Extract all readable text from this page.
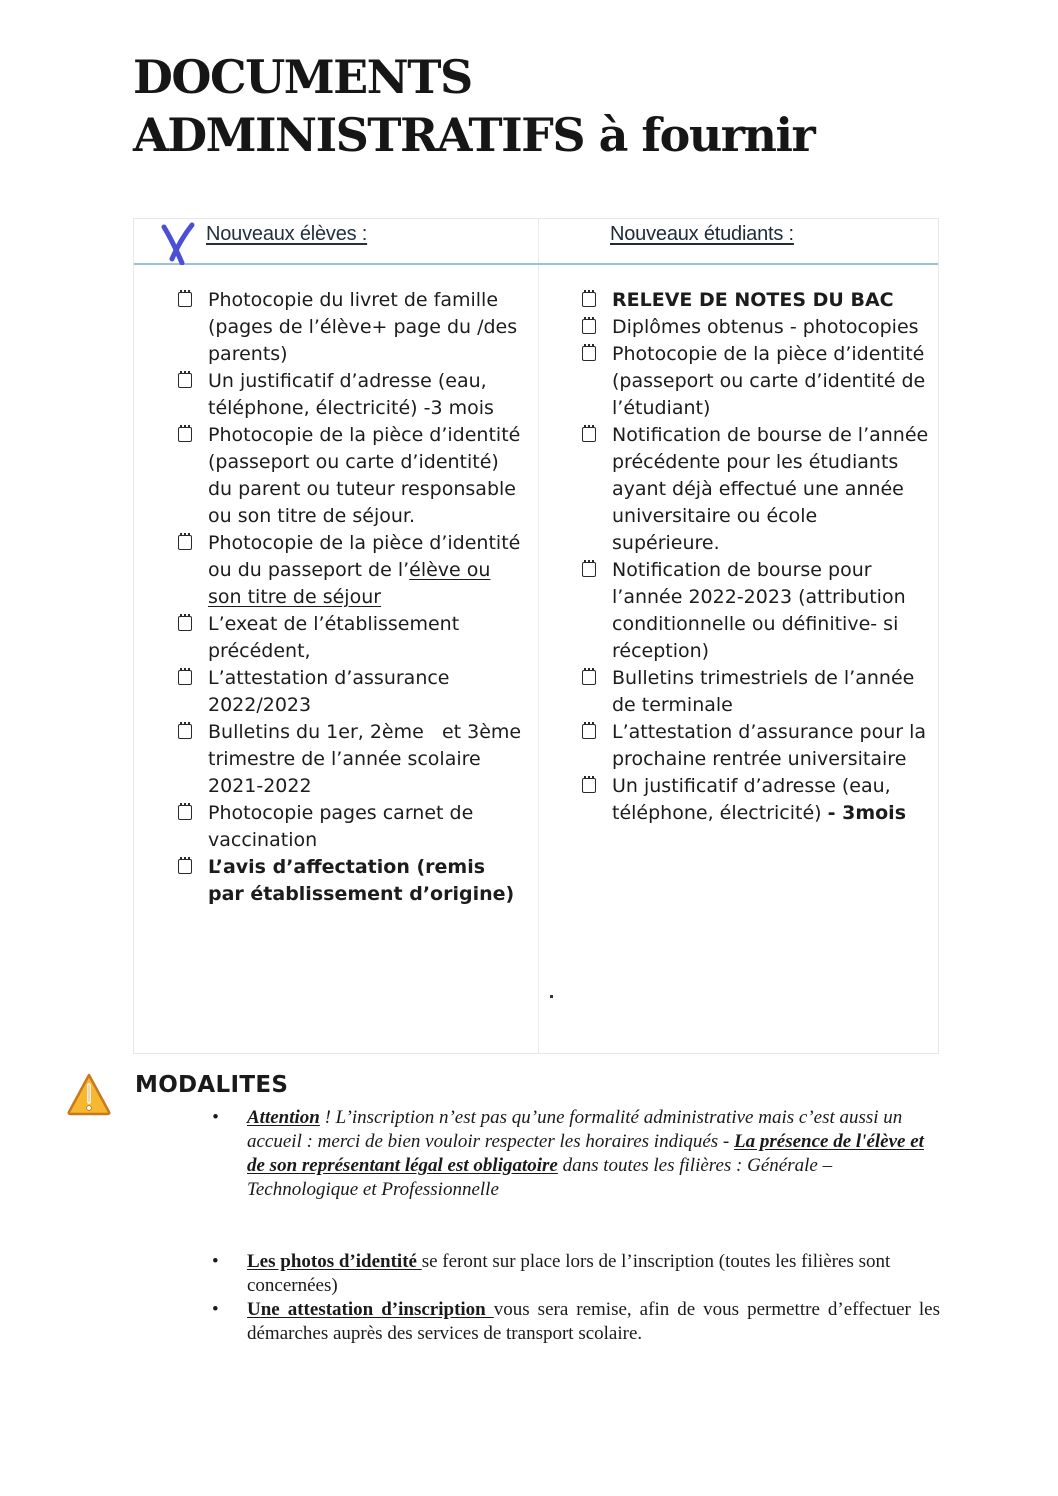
DOCUMENTS ADMINISTRATIFS à fournir
Nouveaux élèves :	Nouveaux étudiants :
Photocopie du livret de famille (pages de l’élève+ page du /des parents)
Un justificatif d’adresse (eau, téléphone, électricité) -3 mois
Photocopie de la pièce d’identité (passeport ou carte d’identité) du parent ou tuteur responsable ou son titre de séjour.
Photocopie de la pièce d’identité ou du passeport de l’élève ou son titre de séjour
L’exeat de l’établissement précédent,
L’attestation d’assurance 2022/2023
Bulletins du 1er, 2ème   et 3ème trimestre de l’année scolaire 2021-2022
Photocopie pages carnet de vaccination
L’avis d’affectation (remis par établissement d’origine)
RELEVE DE NOTES DU BAC
Diplômes obtenus - photocopies
Photocopie de la pièce d’identité (passeport ou carte d’identité de l’étudiant)
Notification de bourse de l’année précédente pour les étudiants ayant déjà effectué une année universitaire ou école supérieure.
Notification de bourse pour l’année 2022-2023 (attribution conditionnelle ou définitive- si réception)
Bulletins trimestriels de l’année de terminale
L’attestation d’assurance pour la prochaine rentrée universitaire
Un justificatif d’adresse (eau, téléphone, électricité) - 3mois
MODALITES
• Attention ! L’inscription n’est pas qu’une formalité administrative mais c’est aussi un accueil : merci de bien vouloir respecter les horaires indiqués - La présence de l'élève et de son représentant légal est obligatoire dans toutes les filières : Générale – Technologique et Professionnelle
• Les photos d’identité se feront sur place lors de l’inscription (toutes les filières sont concernées)
• Une attestation d’inscription vous sera remise, afin de vous permettre d’effectuer les démarches auprès des services de transport scolaire.
